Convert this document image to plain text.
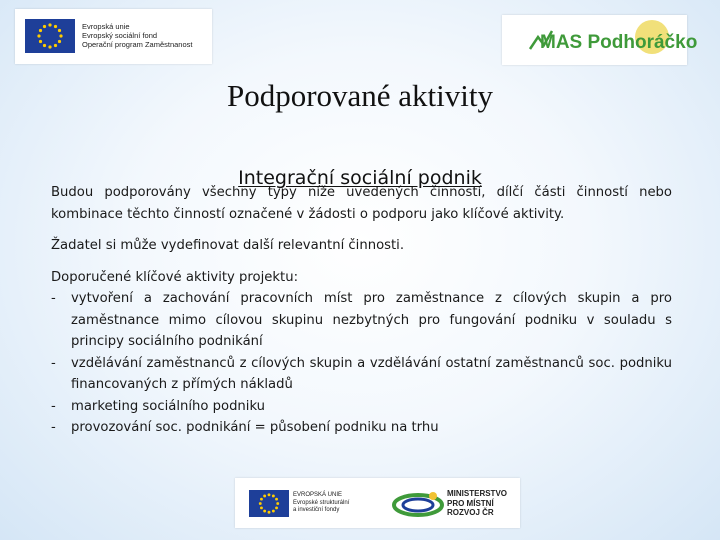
Evropská unie
Evropský sociální fond
Operační program Zaměstnanost	MAS Podhoráčko
Podporované aktivity
Budou podporovány všechny typy níže uvedených činností, dílčí části činností nebo kombinace těchto činností označené v žádosti o podporu jako klíčové aktivity.
Integrační sociální podnik
Žadatel si může vydefinovat další relevantní činnosti.
Doporučené klíčové aktivity projektu:
- vytvoření a zachování pracovních míst pro zaměstnance z cílových skupin a pro zaměstnance mimo cílovou skupinu nezbytných pro fungování podniku v souladu s principy sociálního podnikání
- vzdělávání zaměstnanců z cílových skupin a vzdělávání ostatní zaměstnanců soc. podniku financovaných z přímých nákladů
- marketing sociálního podniku
- provozování soc. podnikání = působení podniku na trhu
EVROPSKÁ UNIE
Evropské strukturální
a investiční fondy
MINISTERSTVO
PRO MÍSTNÍ
ROZVOJ ČR
